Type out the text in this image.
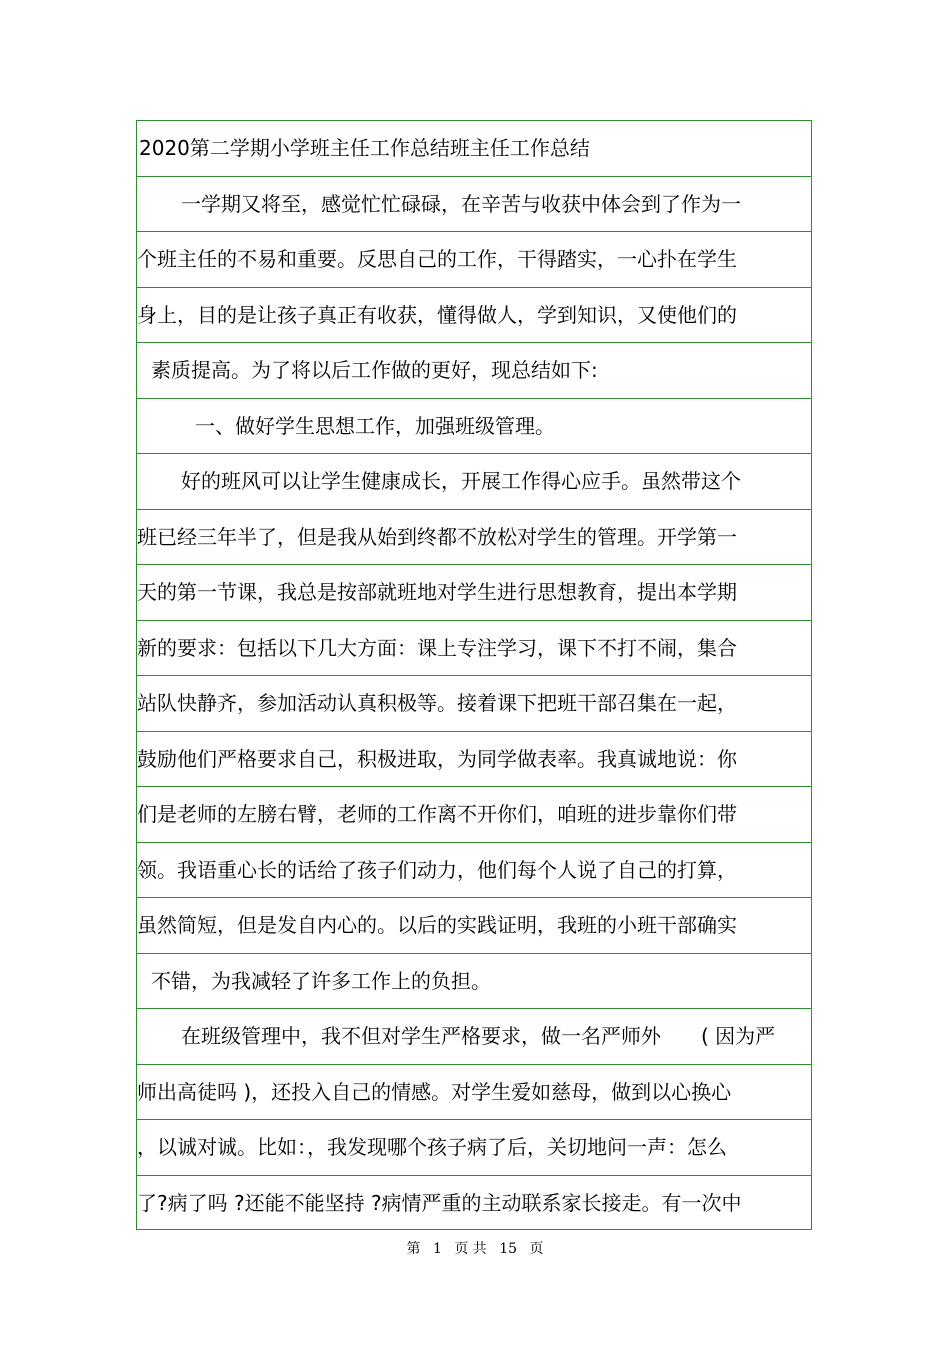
2020第二学期小学班主任工作总结班主任工作总结
一学期又将至，感觉忙忙碌碌，在辛苦与收获中体会到了作为一
个班主任的不易和重要。反思自己的工作，干得踏实，一心扑在学生
身上，目的是让孩子真正有收获，懂得做人，学到知识，又使他们的
素质提高。为了将以后工作做的更好，现总结如下:
一、做好学生思想工作，加强班级管理。
好的班风可以让学生健康成长，开展工作得心应手。虽然带这个
班已经三年半了，但是我从始到终都不放松对学生的管理。开学第一
天的第一节课，我总是按部就班地对学生进行思想教育，提出本学期
新的要求：包括以下几大方面：课上专注学习，课下不打不闹，集合
站队快静齐，参加活动认真积极等。接着课下把班干部召集在一起，
鼓励他们严格要求自己，积极进取，为同学做表率。我真诚地说：你
们是老师的左膀右臂，老师的工作离不开你们，咱班的进步靠你们带
领。我语重心长的话给了孩子们动力，他们每个人说了自己的打算，
虽然简短，但是发自内心的。以后的实践证明，我班的小班干部确实
不错，为我减轻了许多工作上的负担。
在班级管理中，我不但对学生严格要求，做一名严师外　　( 因为严
师出高徒吗 )，还投入自己的情感。对学生爱如慈母，做到以心换心
，以诚对诚。比如：，我发现哪个孩子病了后，关切地问一声：怎么
了?病了吗 ?还能不能坚持 ?病情严重的主动联系家长接走。有一次中
第 1 页 共 15 页
